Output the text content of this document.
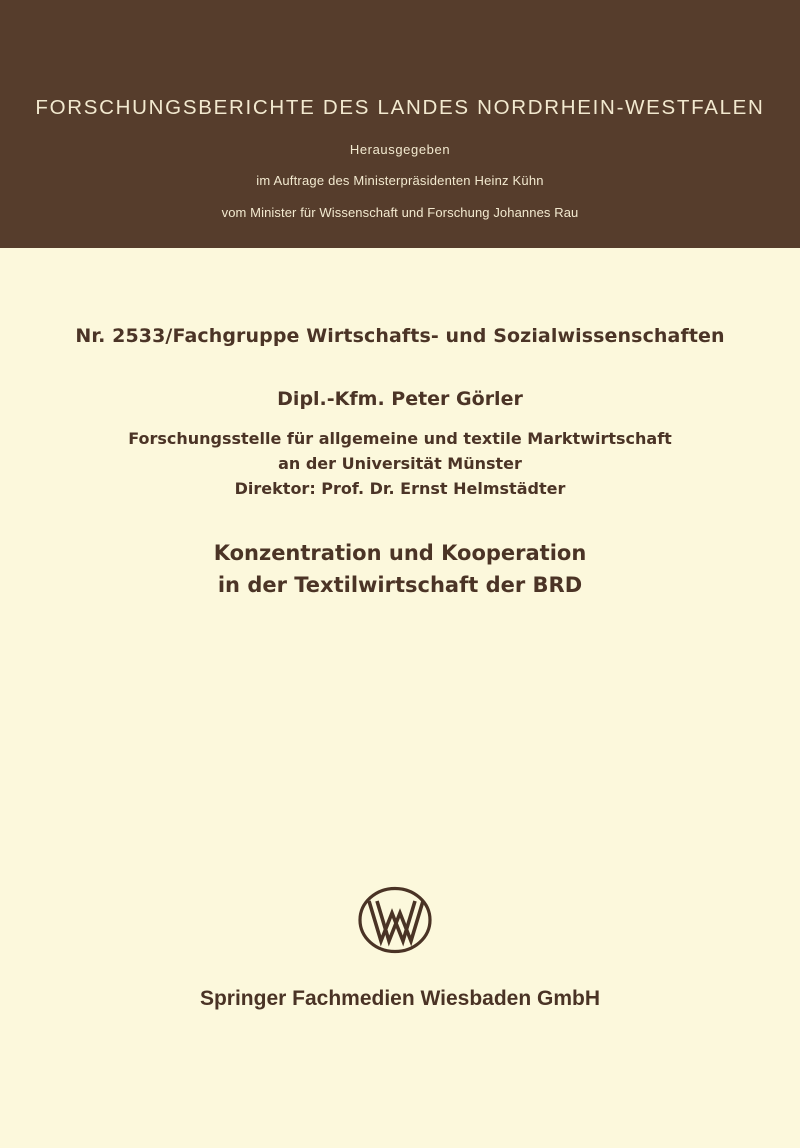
FORSCHUNGSBERICHTE DES LANDES NORDRHEIN-WESTFALEN
Herausgegeben
im Auftrage des Ministerpräsidenten Heinz Kühn
vom Minister für Wissenschaft und Forschung Johannes Rau
Nr. 2533/Fachgruppe Wirtschafts- und Sozialwissenschaften
Dipl.-Kfm. Peter Görler
Forschungsstelle für allgemeine und textile Marktwirtschaft
an der Universität Münster
Direktor: Prof. Dr. Ernst Helmstädter
Konzentration und Kooperation
in der Textilwirtschaft der BRD
Springer Fachmedien Wiesbaden GmbH
